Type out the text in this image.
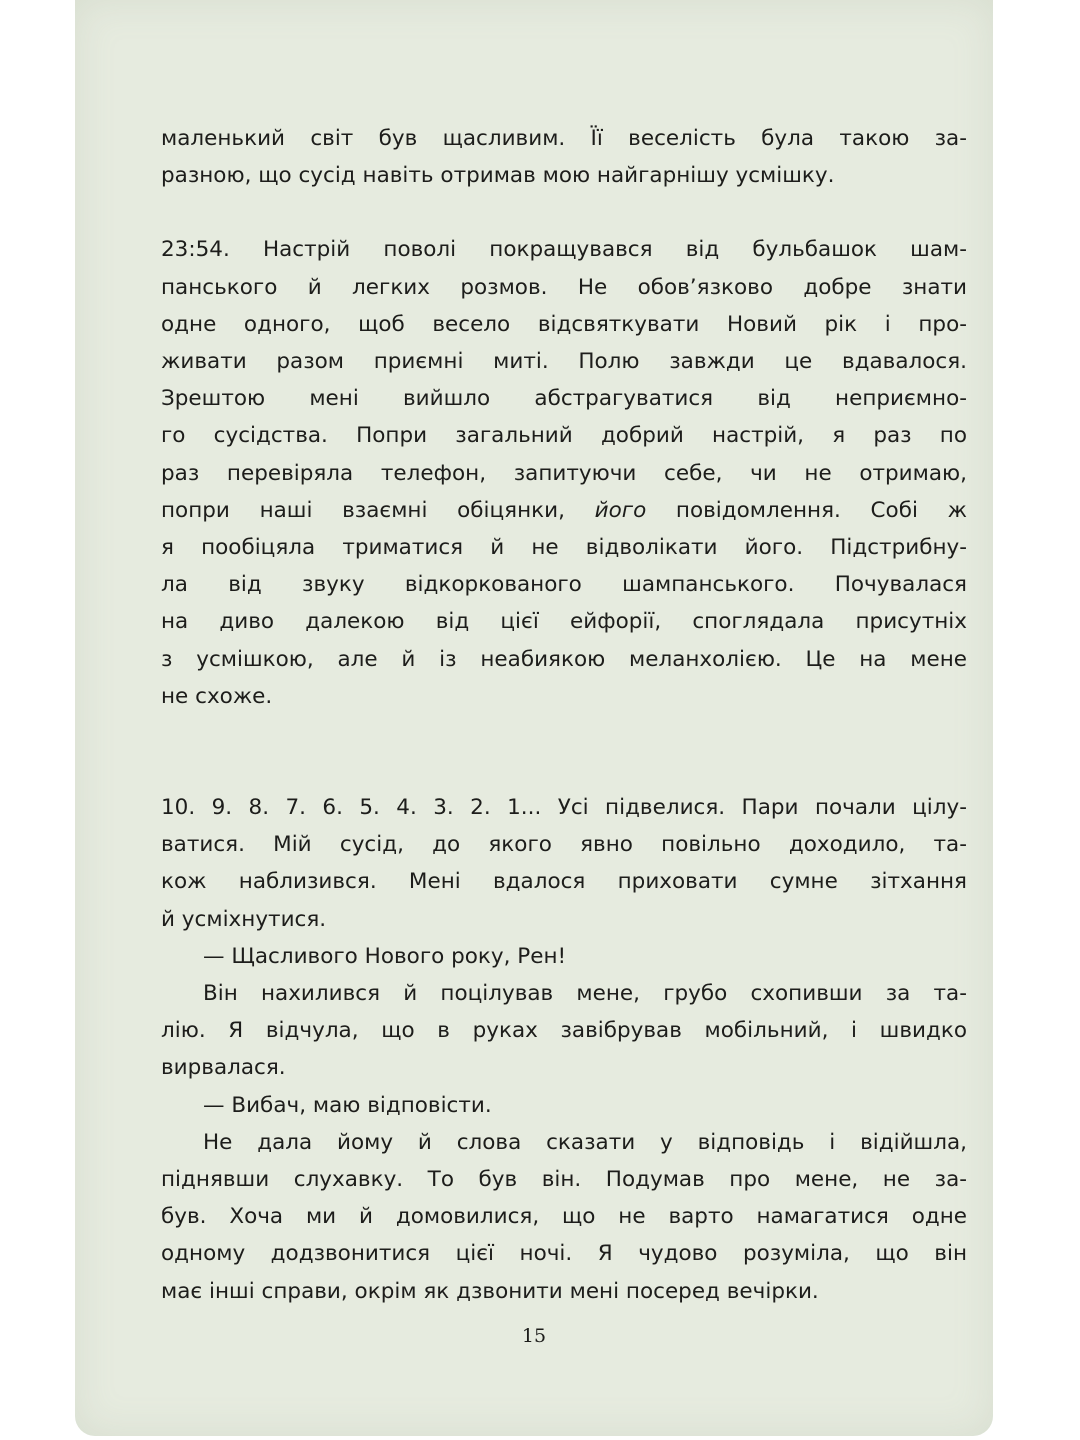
маленький світ був щасливим. Її веселість була такою за-
разною, що сусід навіть отримав мою найгарнішу усмішку.
23:54. Настрій поволі покращувався від бульбашок шам-
панського й легких розмов. Не обов’язково добре знати
одне одного, щоб весело відсвяткувати Новий рік і про-
живати разом приємні миті. Полю завжди це вдавалося.
Зрештою мені вийшло абстрагуватися від неприємно-
го сусідства. Попри загальний добрий настрій, я раз по
раз перевіряла телефон, запитуючи себе, чи не отримаю,
попри наші взаємні обіцянки, його повідомлення. Собі ж
я пообіцяла триматися й не відволікати його. Підстрибну-
ла від звуку відкоркованого шампанського. Почувалася
на диво далекою від цієї ейфорії, споглядала присутніх
з усмішкою, але й із неабиякою меланхолією. Це на мене
не схоже.
10. 9. 8. 7. 6. 5. 4. 3. 2. 1... Усі підвелися. Пари почали цілу-
ватися. Мій сусід, до якого явно повільно доходило, та-
кож наблизився. Мені вдалося приховати сумне зітхання
й усміхнутися.
— Щасливого Нового року, Рен!
Він нахилився й поцілував мене, грубо схопивши за та-
лію. Я відчула, що в руках завібрував мобільний, і швидко
вирвалася.
— Вибач, маю відповісти.
Не дала йому й слова сказати у відповідь і відійшла,
піднявши слухавку. То був він. Подумав про мене, не за-
був. Хоча ми й домовилися, що не варто намагатися одне
одному додзвонитися цієї ночі. Я чудово розуміла, що він
має інші справи, окрім як дзвонити мені посеред вечірки.
15
